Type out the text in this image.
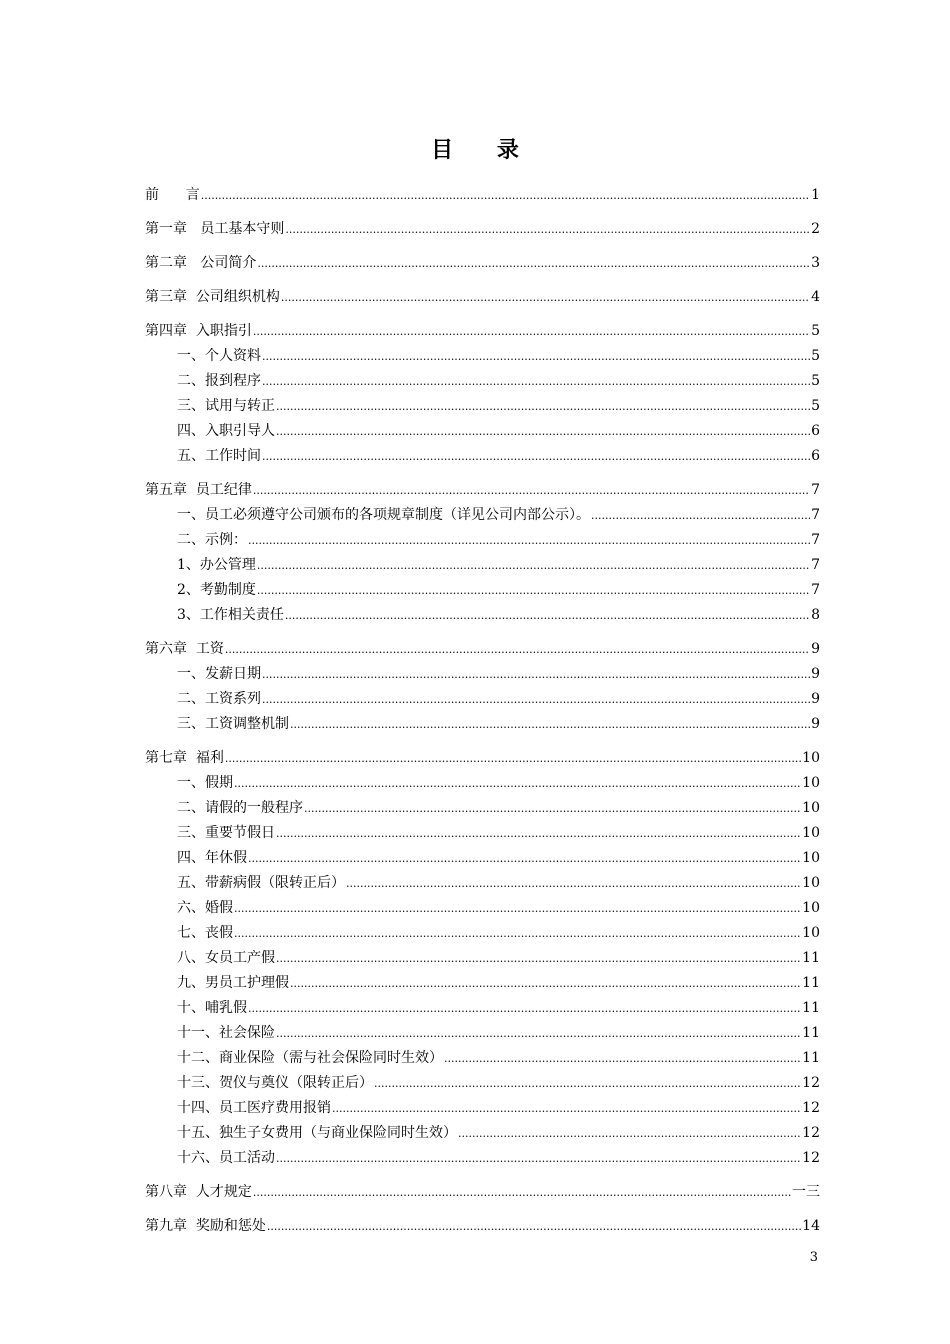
目 录
前      言 .....	1
第一章   员工基本守则 .....	2
第二章   公司简介 .....	3
第三章  公司组织机构 .....	4
第四章  入职指引 .....	5
一、个人资料 .....	5
二、报到程序 .....	5
三、试用与转正 .....	5
四、入职引导人 .....	6
五、工作时间 .....	6
第五章  员工纪律 .....	7
一、员工必须遵守公司颁布的各项规章制度（详见公司内部公示）。 .....	7
二、示例： .....	7
1、办公管理 .....	7
2、考勤制度 .....	7
3、工作相关责任 .....	8
第六章  工资 .....	9
一、发薪日期 .....	9
二、工资系列 .....	9
三、工资调整机制 .....	9
第七章  福利 .....	10
一、假期 .....	10
二、请假的一般程序 .....	10
三、重要节假日 .....	10
四、年休假 .....	10
五、带薪病假（限转正后） .....	10
六、婚假 .....	10
七、丧假 .....	10
八、女员工产假 .....	11
九、男员工护理假 .....	11
十、哺乳假 .....	11
十一、社会保险 .....	11
十二、商业保险（需与社会保险同时生效） .....	11
十三、贺仪与奠仪（限转正后） .....	12
十四、员工医疗费用报销 .....	12
十五、独生子女费用（与商业保险同时生效） .....	12
十六、员工活动 .....	12
第八章  人才规定 .....	一三
第九章  奖励和惩处 .....	14
3
